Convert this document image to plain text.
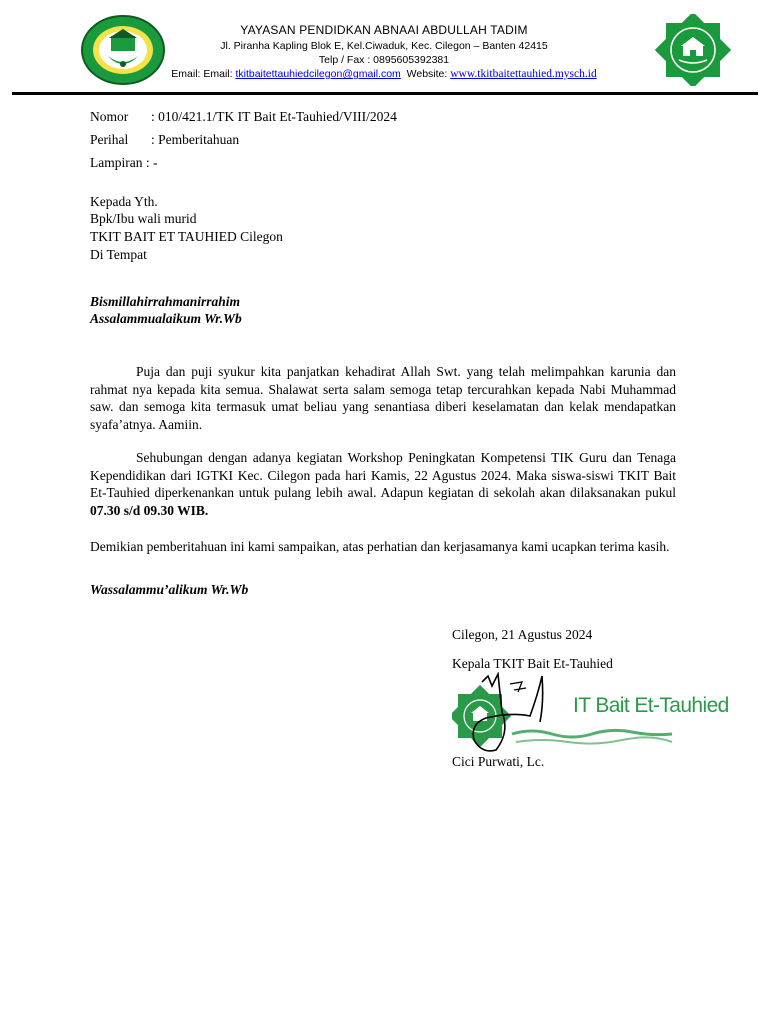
YAYASAN PENDIDKAN ABNAAI ABDULLAH TADIM
Jl. Piranha Kapling Blok E, Kel.Ciwaduk, Kec. Cilegon – Banten 42415
Telp / Fax : 0895605392381
Email: Email: tkitbaitettauhiedcilegon@gmail.com Website: www.tkitbaitettauhied.mysch.id
Nomor : 010/421.1/TK IT Bait Et-Tauhied/VIII/2024
Perihal : Pemberitahuan
Lampiran : -
Kepada Yth.
Bpk/Ibu wali murid
TKIT BAIT ET TAUHIED Cilegon
Di Tempat
Bismillahirrahmanirrahim
Assalammualaikum Wr.Wb
Puja dan puji syukur kita panjatkan kehadirat Allah Swt. yang telah melimpahkan karunia dan rahmat nya kepada kita semua. Shalawat serta salam semoga tetap tercurahkan kepada Nabi Muhammad saw. dan semoga kita termasuk umat beliau yang senantiasa diberi keselamatan dan kelak mendapatkan syafa’atnya. Aamiin.
Sehubungan dengan adanya kegiatan Workshop Peningkatan Kompetensi TIK Guru dan Tenaga Kependidikan dari IGTKI Kec. Cilegon pada hari Kamis, 22 Agustus 2024. Maka siswa-siswi TKIT Bait Et-Tauhied diperkenankan untuk pulang lebih awal. Adapun kegiatan di sekolah akan dilaksanakan pukul 07.30 s/d 09.30 WIB.
Demikian pemberitahuan ini kami sampaikan, atas perhatian dan kerjasamanya kami ucapkan terima kasih.
Wassalammu’alikum Wr.Wb
Cilegon, 21 Agustus 2024
Kepala TKIT Bait Et-Tauhied
IT Bait Et-Tauhied
Cici Purwati, Lc.
